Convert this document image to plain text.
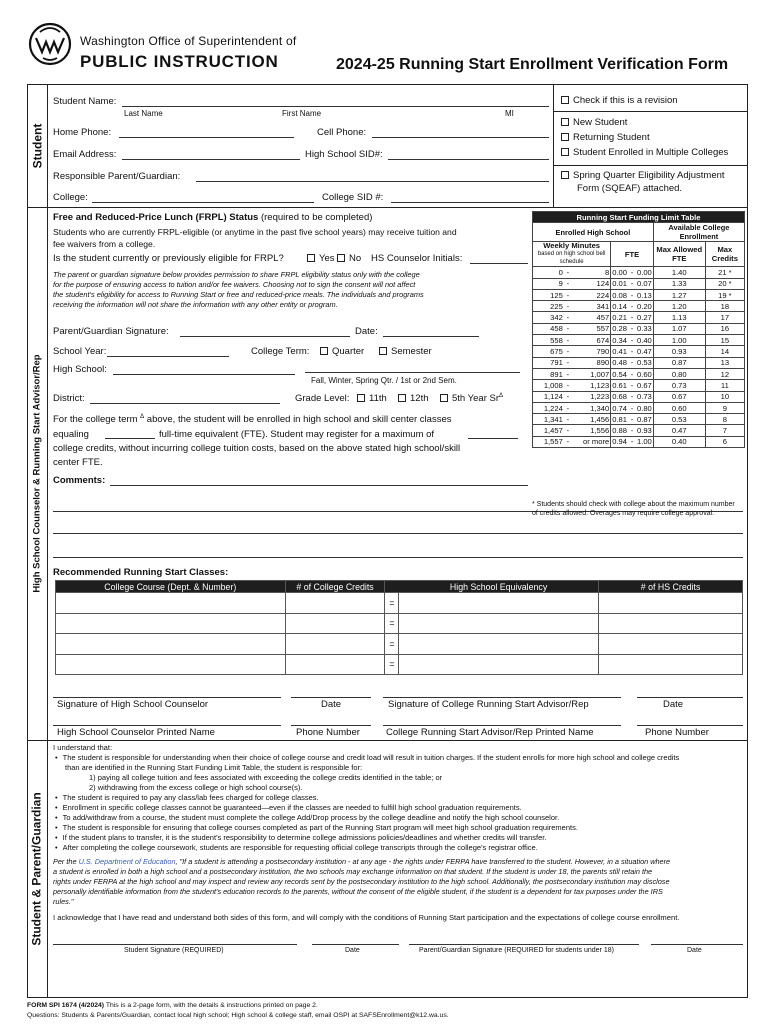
Washington Office of Superintendent of
PUBLIC INSTRUCTION	2024-25 Running Start Enrollment Verification Form
Student
High School Counselor & Running Start Advisor/Rep
Student & Parent/Guardian
Student Name:
Last Name	First Name	MI
Home Phone:	Cell Phone:
Email Address:	High School SID#:
Responsible Parent/Guardian:
College:	College SID #:
Check if this is a revision
New Student
Returning Student
Student Enrolled in Multiple Colleges
Spring Quarter Eligibility Adjustment
Form (SQEAF) attached.
Free and Reduced-Price Lunch (FRPL) Status (required to be completed)
Students who are currently FRPL-eligible (or anytime in the past five school years) may receive tuition and
fee waivers from a college.
Is the student currently or previously eligible for FRPL?	Yes	No HS Counselor Initials:
The parent or guardian signature below provides permission to share FRPL eligibility status only with the college
for the purpose of ensuring access to tuition and/or fee waivers. Choosing not to sign the consent will not affect
the student's eligibility for access to Running Start or free and reduced-price meals. The individuals and programs
receiving the information will not share the information with any other entity or program.
Parent/Guardian Signature:	Date:
School Year:	College Term:	Quarter	Semester
High School:
Fall, Winter, Spring Qtr. / 1st or 2nd Sem.
District:	Grade Level:	11th	12th	5th Year $Sr^\Delta$
For the college term $^\Delta$ above, the student will be enrolled in high school and skill center classes
equaling	full-time equivalent (FTE). Student may register for a maximum of
college credits, without incurring college tuition costs, based on the above stated high school/skill
center FTE.
Comments:
Running Start Funding Limit Table							
Enrolled High School						Available College Enrollment	

Weekly Minutes
based on high school bell schedule			FTE			Max Allowed FTE	Max Credits
0	-	8	0.00	-	0.00	1.40	21 *
9	-	124	0.01	-	0.07	1.33	20 *
125	-	224	0.08	-	0.13	1.27	19 *
225	-	341	0.14	-	0.20	1.20	18
342	-	457	0.21	-	0.27	1.13	17
458	-	557	0.28	-	0.33	1.07	16
558	-	674	0.34	-	0.40	1.00	15
675	-	790	0.41	-	0.47	0.93	14
791	-	890	0.48	-	0.53	0.87	13
891	-	1,007	0.54	-	0.60	0.80	12
1,008	-	1,123	0.61	-	0.67	0.73	11
1,124	-	1,223	0.68	-	0.73	0.67	10
1,224	-	1,340	0.74	-	0.80	0.60	9
1,341	-	1,456	0.81	-	0.87	0.53	8
1,457	-	1,556	0.88	-	0.93	0.47	7
1,557	-	or more	0.94	-	1.00	0.40	6
* Students should check with college about the maximum number
of credits allowed. Overages may require college approval.
Recommended Running Start Classes:
College Course (Dept. & Number)	# of College Credits		High School Equivalency	# of HS Credits
		=		
		=		
		=		
		=		
Signature of High School Counselor	Date	Signature of College Running Start Advisor/Rep	Date
High School Counselor Printed Name	Phone Number	College Running Start Advisor/Rep Printed Name	Phone Number
I understand that:
• The student is responsible for understanding when their choice of college course and credit load will result in tuition charges. If the student enrolls for more high school and college credits
than are identified in the Running Start Funding Limit Table, the student is responsible for:
1) paying all college tuition and fees associated with exceeding the college credits identified in the table; or
2) withdrawing from the excess college or high school course(s).
• The student is required to pay any class/lab fees charged for college classes.
• Enrollment in specific college classes cannot be guaranteed—even if the classes are needed to fulfill high school graduation requirements.
• To add/withdraw from a course, the student must complete the college Add/Drop process by the college deadline and notify the high school counselor.
• The student is responsible for ensuring that college courses completed as part of the Running Start program will meet high school graduation requirements.
• If the student plans to transfer, it is the student's responsibility to determine college admissions policies/deadlines and whether credits will transfer.
• After completing the college coursework, students are responsible for requesting official college transcripts through the college's registrar office.
Per the U.S. Department of Education, "If a student is attending a postsecondary institution - at any age - the rights under FERPA have transferred to the student. However, in a situation where
a student is enrolled in both a high school and a postsecondary institution, the two schools may exchange information on that student. If the student is under 18, the parents still retain the
rights under FERPA at the high school and may inspect and review any records sent by the postsecondary institution to the high school. Additionally, the postsecondary institution may disclose
personally identifiable information from the student's education records to the parents, without the consent of the eligible student, if the student is a dependent for tax purposes under the IRS
rules."
I acknowledge that I have read and understand both sides of this form, and will comply with the conditions of Running Start participation and the expectations of college course enrollment.
Student Signature (REQUIRED)	Date	Parent/Guardian Signature (REQUIRED for students under 18)	Date
FORM SPI 1674 (4/2024) This is a 2-page form, with the details & instructions printed on page 2.
Questions: Students & Parents/Guardian, contact local high school; High school & college staff, email OSPI at SAFSEnrollment@k12.wa.us.
